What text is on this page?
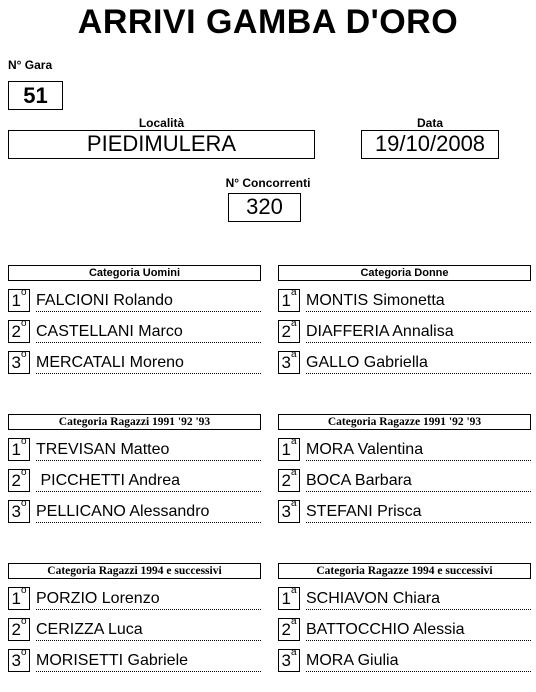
ARRIVI GAMBA D'ORO
N° Gara
51
Località
PIEDIMULERA
Data
19/10/2008
N° Concorrenti
320
Categoria Uomini
1$^o$ FALCIONI Rolando
2$^o$ CASTELLANI Marco
3$^o$ MERCATALI Moreno
Categoria Donne
1$^a$ MONTIS Simonetta
2$^a$ DIAFFERIA Annalisa
3$^a$ GALLO Gabriella
Categoria Ragazzi 1991 '92 '93
1$^o$ TREVISAN Matteo
2$^o$ PICCHETTI Andrea
3$^o$ PELLICANO Alessandro
Categoria Ragazze 1991 '92 '93
1$^a$ MORA Valentina
2$^a$ BOCA Barbara
3$^a$ STEFANI Prisca
Categoria Ragazzi 1994 e successivi
1$^o$ PORZIO Lorenzo
2$^o$ CERIZZA Luca
3$^o$ MORISETTI Gabriele
Categoria Ragazze 1994 e successivi
1$^a$ SCHIAVON Chiara
2$^a$ BATTOCCHIO Alessia
3$^a$ MORA Giulia
